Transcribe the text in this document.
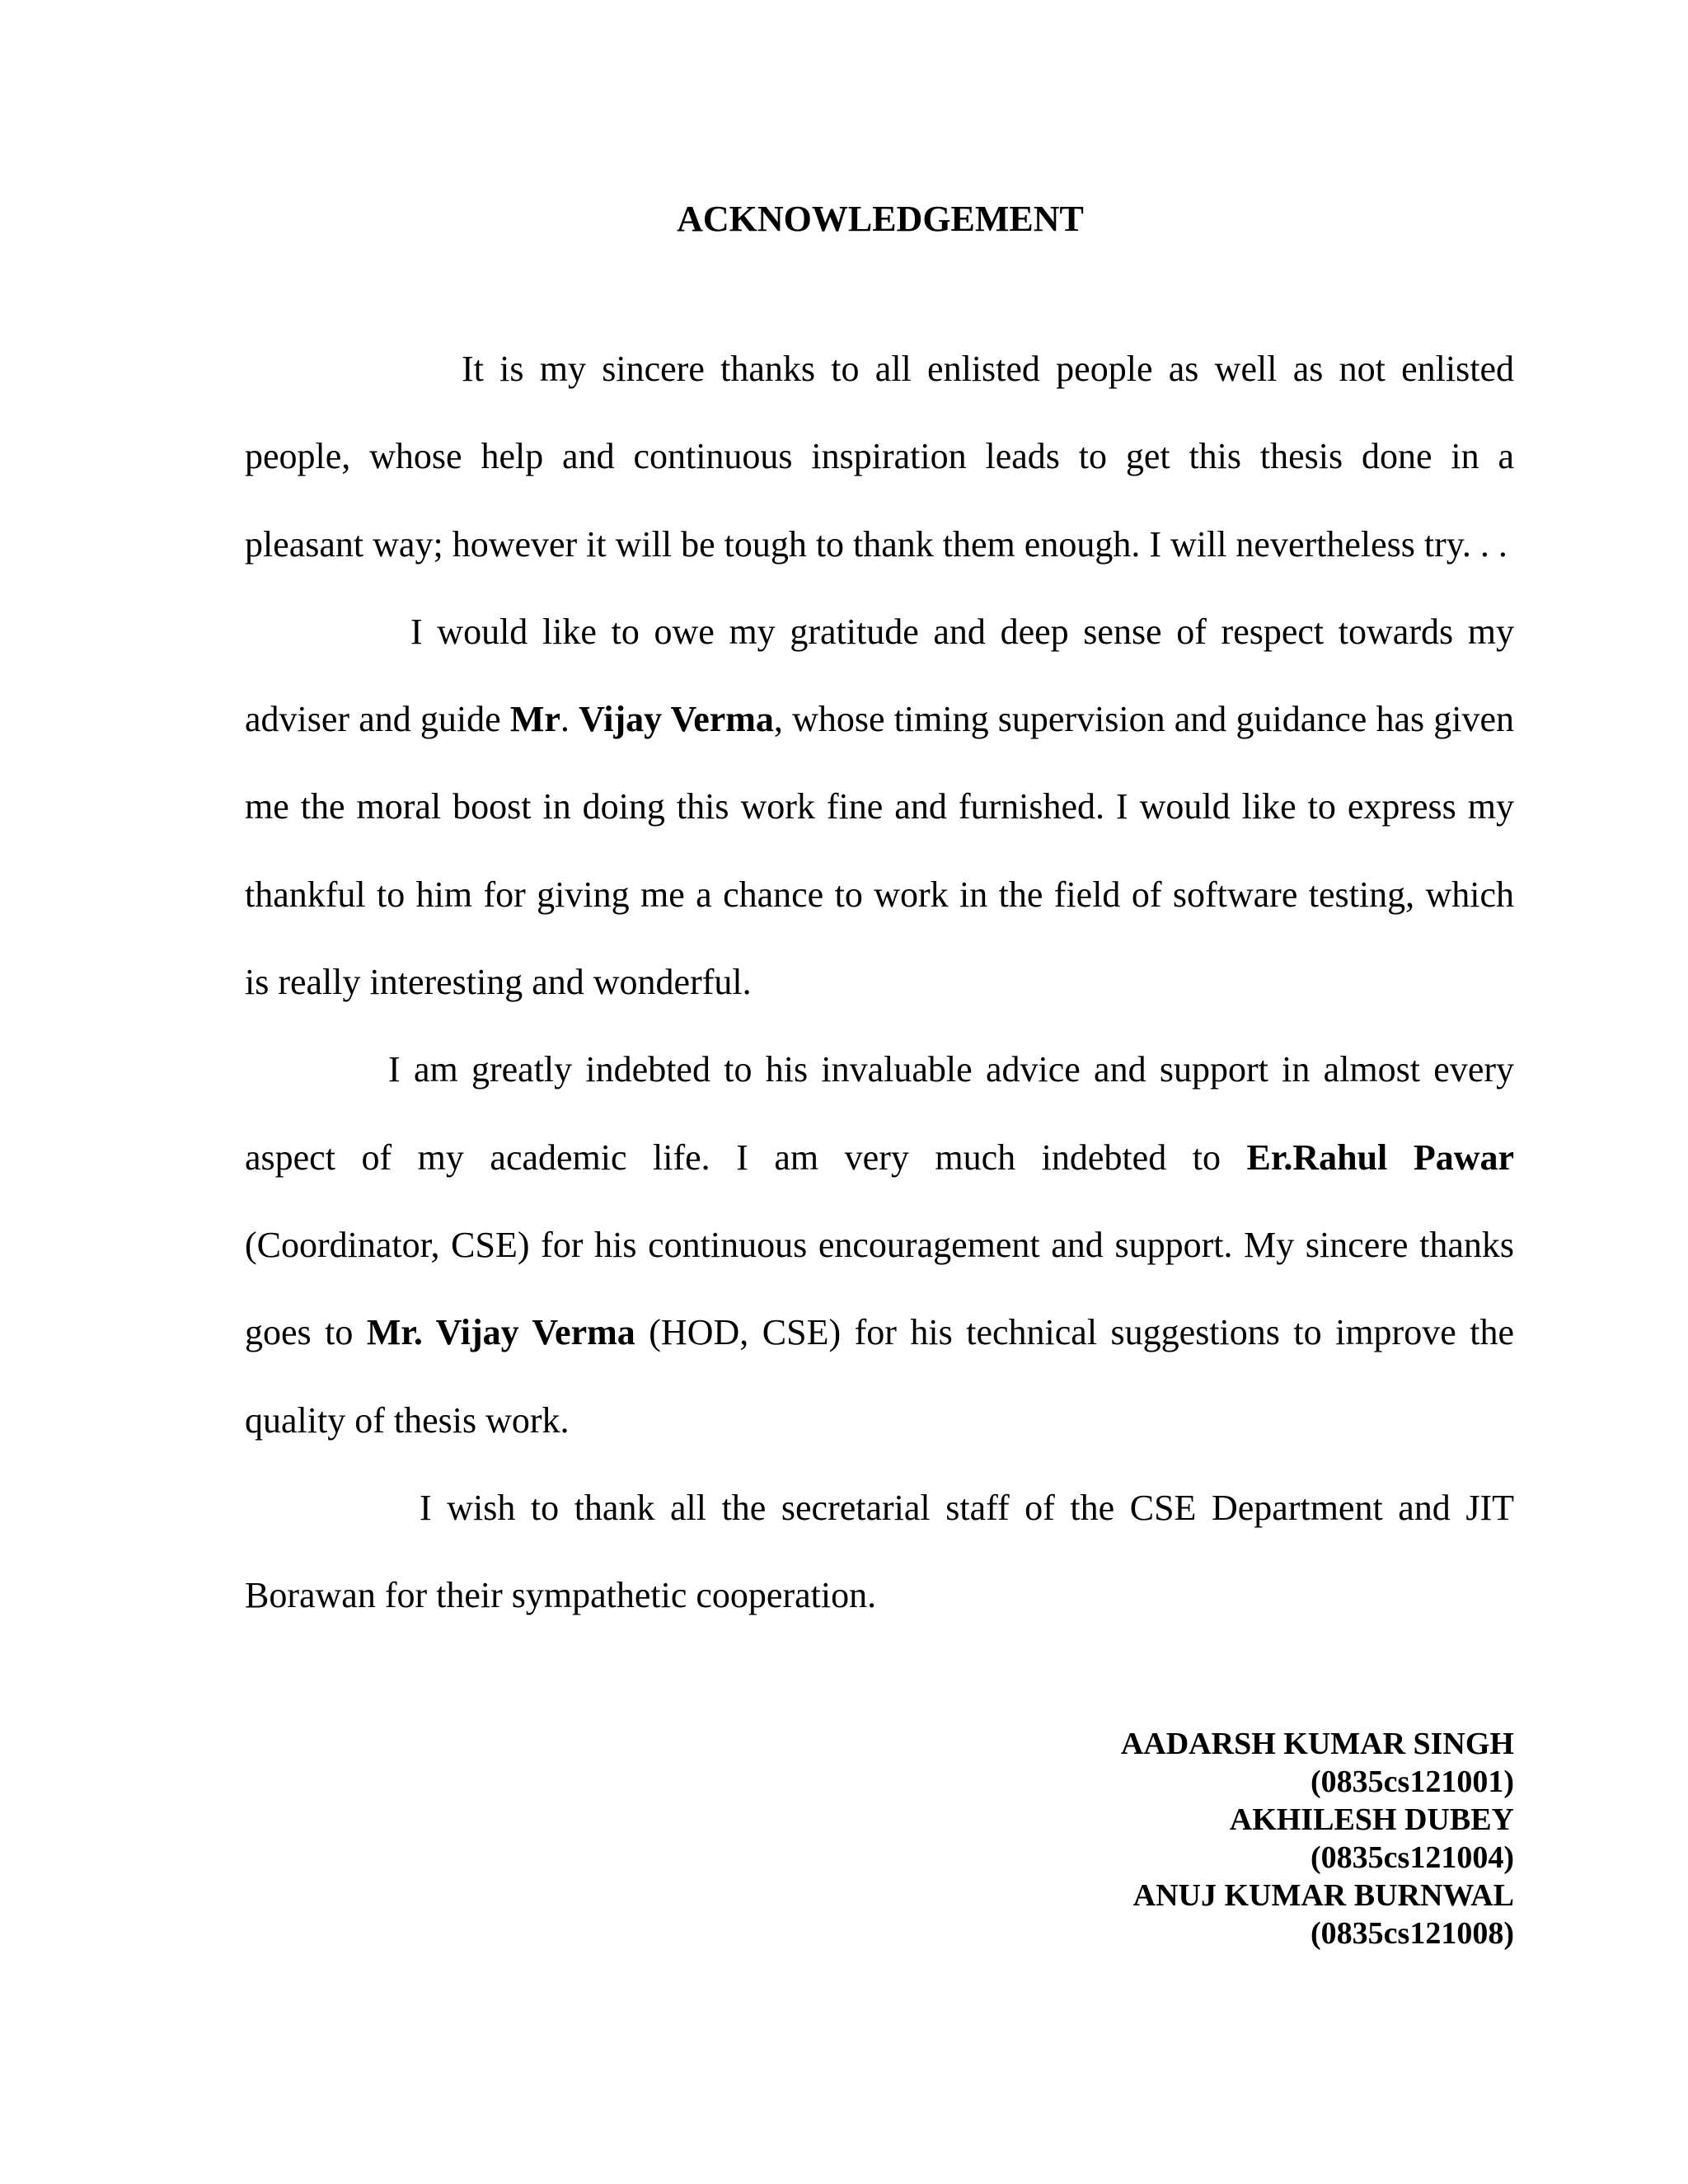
ACKNOWLEDGEMENT

It is my sincere thanks to all enlisted people as well as not enlisted people, whose help and continuous inspiration leads to get this thesis done in a pleasant way; however it will be tough to thank them enough. I will nevertheless try. . .

I would like to owe my gratitude and deep sense of respect towards my adviser and guide Mr. Vijay Verma, whose timing supervision and guidance has given me the moral boost in doing this work fine and furnished. I would like to express my thankful to him for giving me a chance to work in the field of software testing, which is really interesting and wonderful.

I am greatly indebted to his invaluable advice and support in almost every aspect of my academic life. I am very much indebted to Er.Rahul Pawar (Coordinator, CSE) for his continuous encouragement and support. My sincere thanks goes to Mr. Vijay Verma (HOD, CSE) for his technical suggestions to improve the quality of thesis work.

I wish to thank all the secretarial staff of the CSE Department and JIT Borawan for their sympathetic cooperation.

AADARSH KUMAR SINGH
(0835cs121001)
AKHILESH DUBEY
(0835cs121004)
ANUJ KUMAR BURNWAL
(0835cs121008)
